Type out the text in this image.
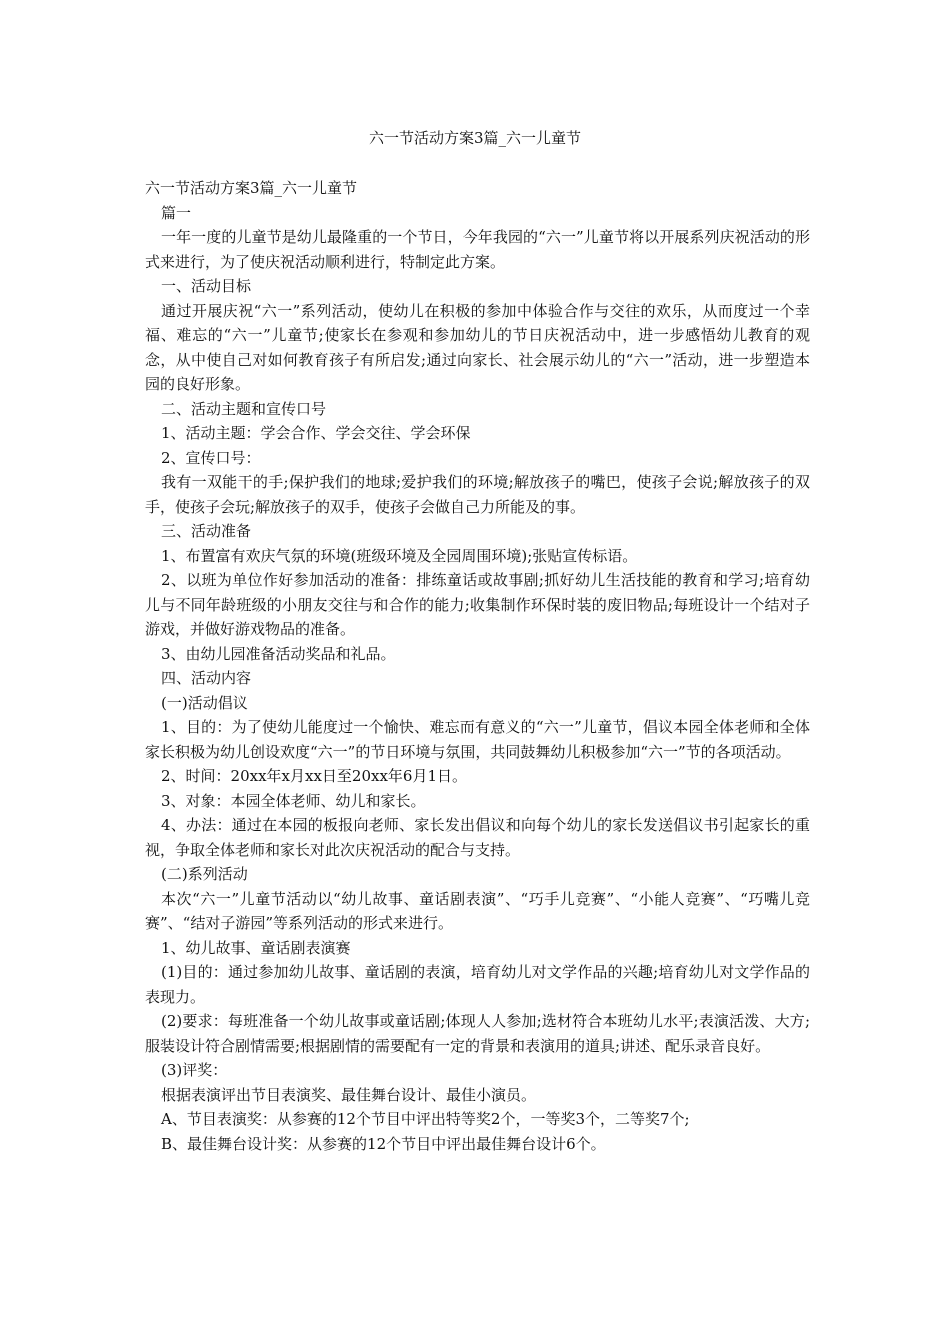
六一节活动方案3篇_六一儿童节

六一节活动方案3篇_六一儿童节

篇一

一年一度的儿童节是幼儿最隆重的一个节日，今年我园的“六一”儿童节将以开展系列庆祝活动的形式来进行，为了使庆祝活动顺利进行，特制定此方案。

一、活动目标

通过开展庆祝“六一”系列活动，使幼儿在积极的参加中体验合作与交往的欢乐，从而度过一个幸福、难忘的“六一”儿童节;使家长在参观和参加幼儿的节日庆祝活动中，进一步感悟幼儿教育的观念，从中使自己对如何教育孩子有所启发;通过向家长、社会展示幼儿的“六一”活动，进一步塑造本园的良好形象。

二、活动主题和宣传口号

1、活动主题：学会合作、学会交往、学会环保

2、宣传口号：

我有一双能干的手;保护我们的地球;爱护我们的环境;解放孩子的嘴巴，使孩子会说;解放孩子的双手，使孩子会玩;解放孩子的双手，使孩子会做自己力所能及的事。

三、活动准备

1、布置富有欢庆气氛的环境(班级环境及全园周围环境);张贴宣传标语。

2、以班为单位作好参加活动的准备：排练童话或故事剧;抓好幼儿生活技能的教育和学习;培育幼儿与不同年龄班级的小朋友交往与和合作的能力;收集制作环保时装的废旧物品;每班设计一个结对子游戏，并做好游戏物品的准备。

3、由幼儿园准备活动奖品和礼品。

四、活动内容

(一)活动倡议

1、目的：为了使幼儿能度过一个愉快、难忘而有意义的“六一”儿童节，倡议本园全体老师和全体家长积极为幼儿创设欢度“六一”的节日环境与氛围，共同鼓舞幼儿积极参加“六一”节的各项活动。

2、时间：20xx年x月xx日至20xx年6月1日。

3、对象：本园全体老师、幼儿和家长。

4、办法：通过在本园的板报向老师、家长发出倡议和向每个幼儿的家长发送倡议书引起家长的重视，争取全体老师和家长对此次庆祝活动的配合与支持。

(二)系列活动

本次“六一”儿童节活动以“幼儿故事、童话剧表演”、“巧手儿竞赛”、“小能人竞赛”、“巧嘴儿竞赛”、“结对子游园”等系列活动的形式来进行。

1、幼儿故事、童话剧表演赛

(1)目的：通过参加幼儿故事、童话剧的表演，培育幼儿对文学作品的兴趣;培育幼儿对文学作品的表现力。

(2)要求：每班准备一个幼儿故事或童话剧;体现人人参加;选材符合本班幼儿水平;表演活泼、大方;服装设计符合剧情需要;根据剧情的需要配有一定的背景和表演用的道具;讲述、配乐录音良好。

(3)评奖：

根据表演评出节目表演奖、最佳舞台设计、最佳小演员。

A、节目表演奖：从参赛的12个节目中评出特等奖2个，一等奖3个，二等奖7个;

B、最佳舞台设计奖：从参赛的12个节目中评出最佳舞台设计6个。
